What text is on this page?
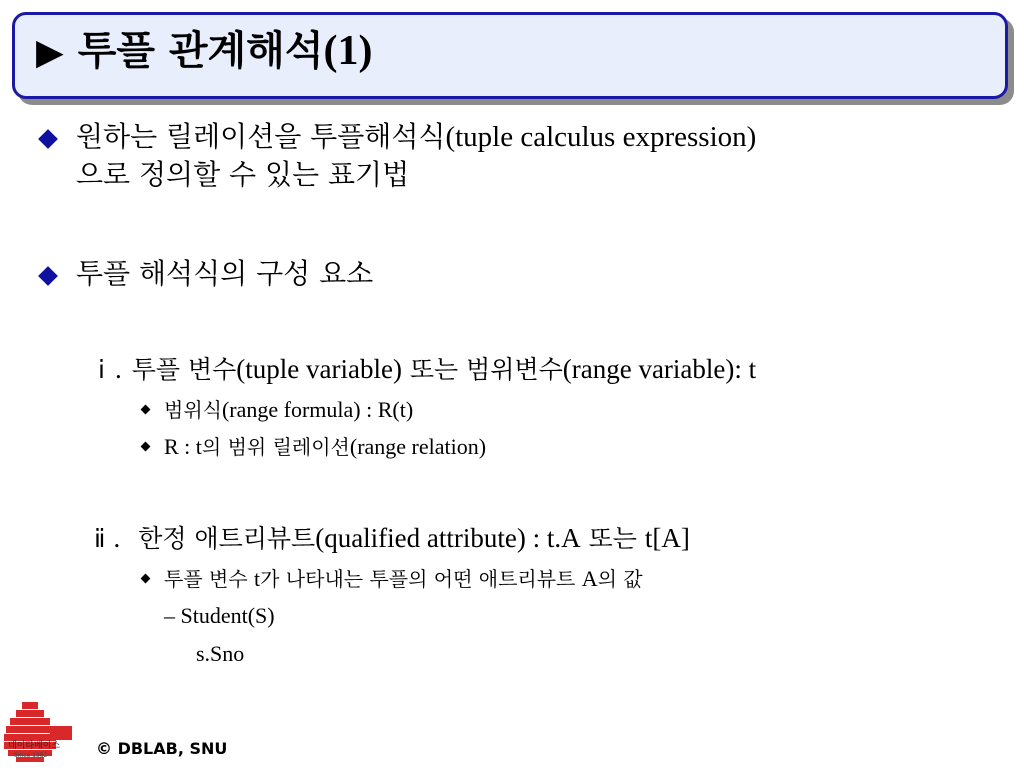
▶ 투플 관계해석(1)
원하는 릴레이션을 투플해석식(tuple calculus expression)
으로 정의할 수 있는 표기법
투플 해석식의 구성 요소
ⅰ . 투플 변수(tuple variable) 또는 범위변수(range variable): t
범위식(range formula) : R(t)
R : t의 범위 릴레이션(range relation)
ⅱ . 한정 애트리뷰트(qualified attribute) : t.A 또는 t[A]
투플 변수 t가 나타내는 투플의 어떤 애트리뷰트 A의 값
– Student(S)
s.Sno
데이타베이스
Since 1982	© DBLAB, SNU
